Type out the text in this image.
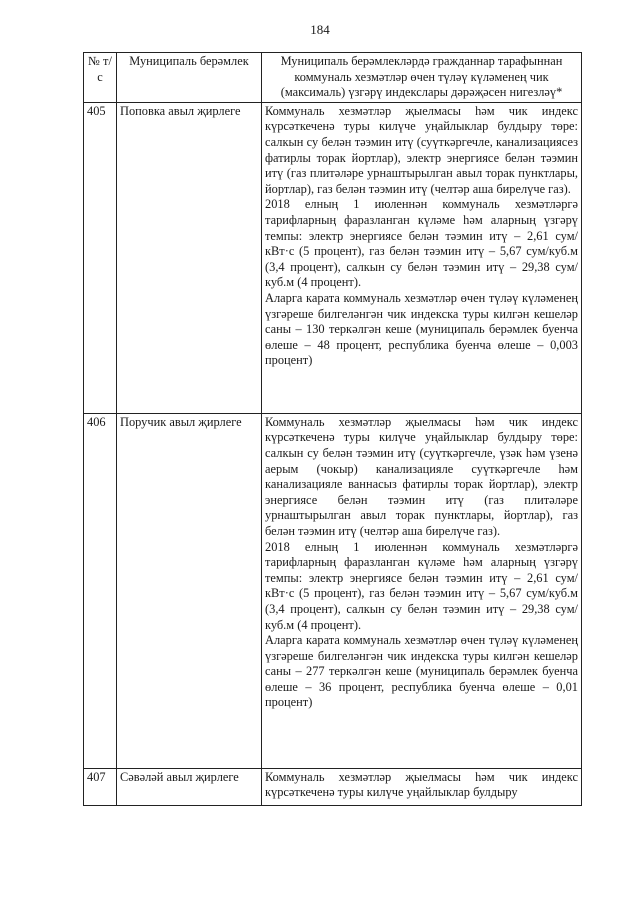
184
№ т/с	Муниципаль берәмлек	Муниципаль берәмлекләрдә гражданнар тарафыннан коммуналь хезмәтләр өчен түләү күләменең чик (максималь) үзгәрү индекслары дәрәҗәсен нигезләү*
405	Поповка авыл җирлеге	Коммуналь хезмәтләр җыелмасы һәм чик индекс күрсәткеченә туры килүче уңайлыклар булдыру төре: салкын су белән тәэмин итү (суүткәргечле, канализациясез фатирлы торак йортлар), электр энергиясе белән тәэмин итү (газ плитәләре урнаштырылган авыл торак пунктлары, йортлар), газ белән тәэмин итү (челтәр аша бирелүче газ).

2018 елның 1 июленнән коммуналь хезмәтләргә тарифларның фаразланган күләме һәм аларның үзгәрү темпы: электр энергиясе белән тәэмин итү – 2,61 сум/кВт·с (5 процент), газ белән тәэмин итү – 5,67 сум/куб.м (3,4 процент), салкын су белән тәэмин итү – 29,38 сум/куб.м (4 процент).

Аларга карата коммуналь хезмәтләр өчен түләү күләменең үзгәреше билгеләнгән чик индекска туры килгән кешеләр саны – 130 теркәлгән кеше (муниципаль берәмлек буенча өлеше – 48 процент, республика буенча өлеше – 0,003 процент)

406	Поручик авыл җирлеге	Коммуналь хезмәтләр җыелмасы һәм чик индекс күрсәткеченә туры килүче уңайлыклар булдыру төре: салкын су белән тәэмин итү (суүткәргечле, үзәк һәм үзенә аерым (чокыр) канализацияле суүткәргечле һәм канализацияле ваннасыз фатирлы торак йортлар), электр энергиясе белән тәэмин итү (газ плитәләре урнаштырылган авыл торак пунктлары, йортлар), газ белән тәэмин итү (челтәр аша бирелүче газ).

2018 елның 1 июленнән коммуналь хезмәтләргә тарифларның фаразланган күләме һәм аларның үзгәрү темпы: электр энергиясе белән тәэмин итү – 2,61 сум/кВт·с (5 процент), газ белән тәэмин итү – 5,67 сум/куб.м (3,4 процент), салкын су белән тәэмин итү – 29,38 сум/куб.м (4 процент).

Аларга карата коммуналь хезмәтләр өчен түләү күләменең үзгәреше билгеләнгән чик индекска туры килгән кешеләр саны – 277 теркәлгән кеше (муниципаль берәмлек буенча өлеше – 36 процент, республика буенча өлеше – 0,01 процент)

407	Сәвәләй авыл җирлеге	Коммуналь хезмәтләр җыелмасы һәм чик индекс күрсәткеченә туры килүче уңайлыклар булдыру
